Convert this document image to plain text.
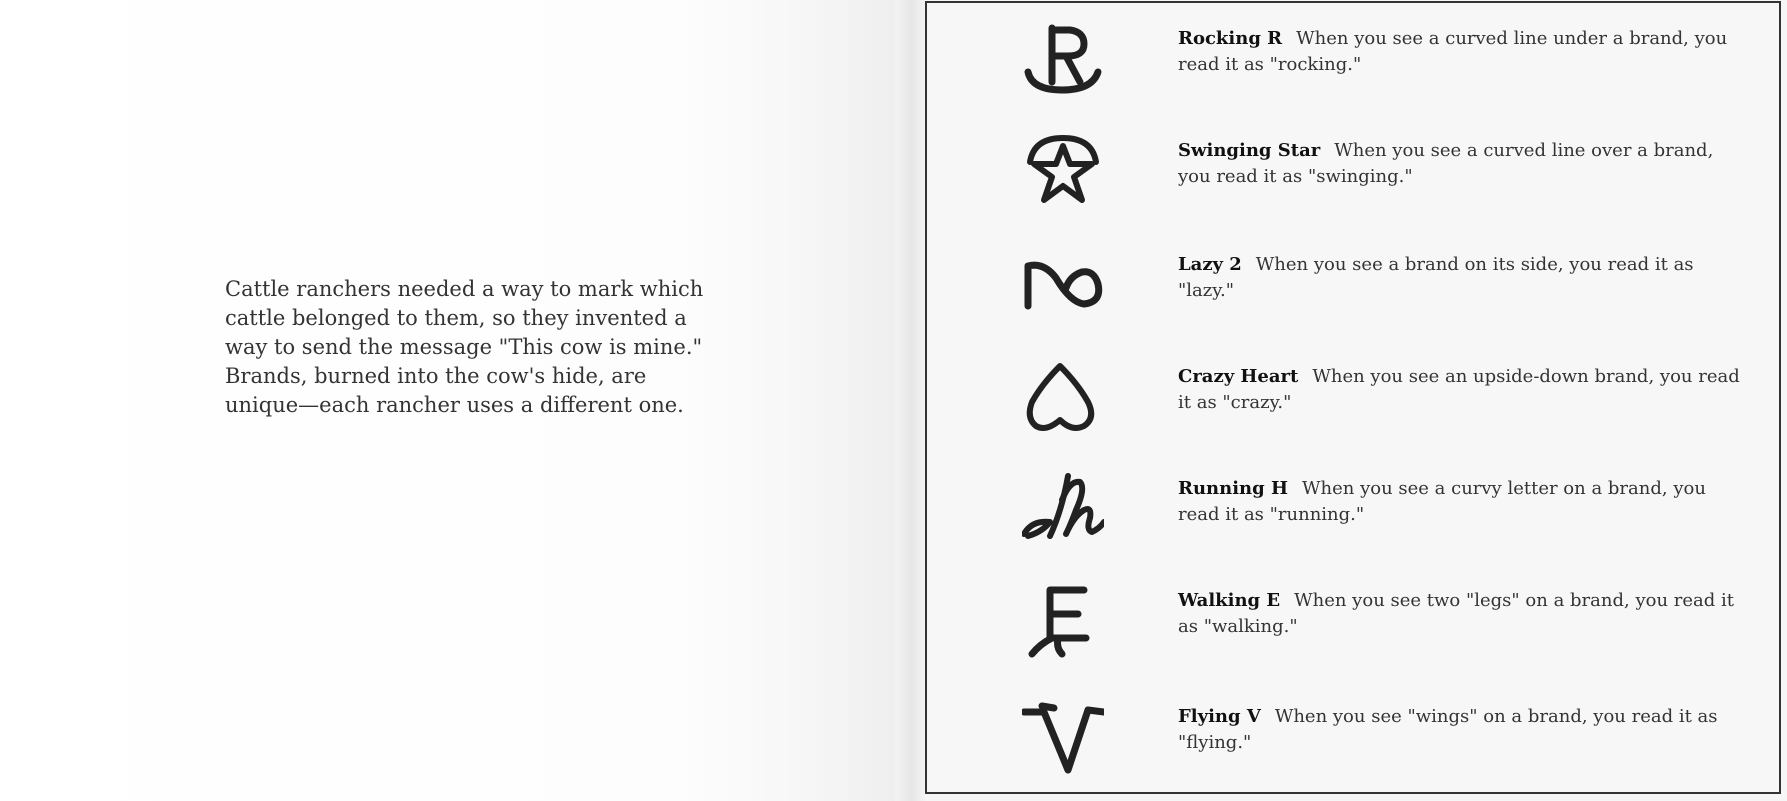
Cattle ranchers needed a way to mark which cattle belonged to them, so they invented a way to send the message "This cow is mine." Brands, burned into the cow's hide, are unique—each rancher uses a different one.

Rocking R When you see a curved line under a brand, you read it as "rocking."

Swinging Star When you see a curved line over a brand, you read it as "swinging."

Lazy 2 When you see a brand on its side, you read it as "lazy."

Crazy Heart When you see an upside-down brand, you read it as "crazy."

Running H When you see a curvy letter on a brand, you read it as "running."

Walking E When you see two "legs" on a brand, you read it as "walking."

Flying V When you see "wings" on a brand, you read it as "flying."
